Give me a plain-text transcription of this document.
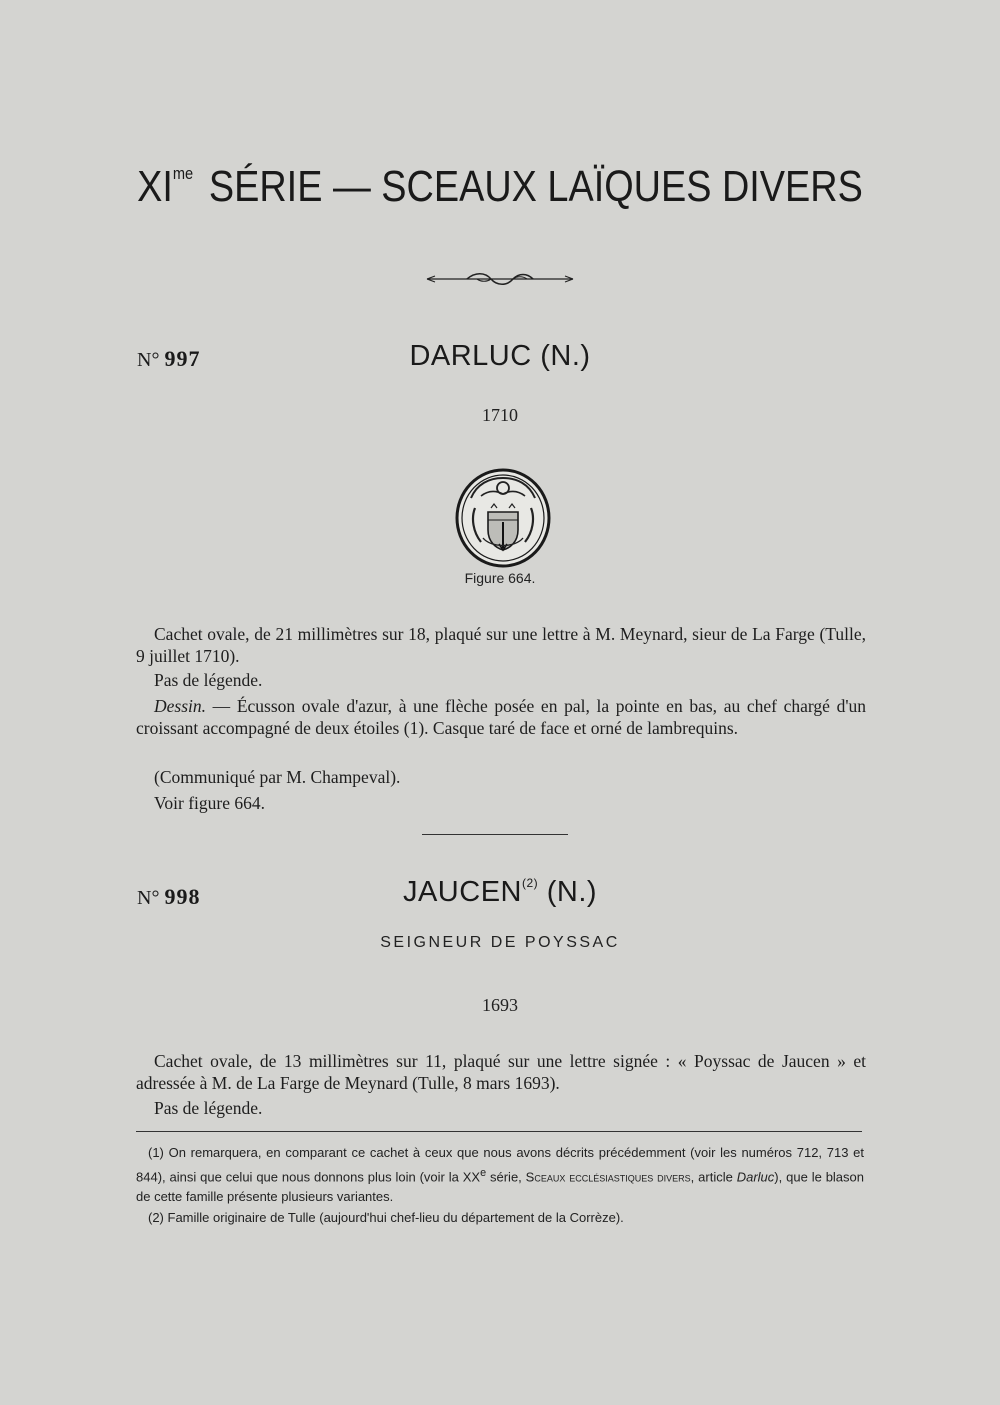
$XI^{me}$ SÉRIE — SCEAUX LAÏQUES DIVERS
N° 997	DARLUC (N.)
1710
Figure 664.

Cachet ovale, de 21 millimètres sur 18, plaqué sur une lettre à M. Meynard, sieur de La Farge (Tulle, 9 juillet 1710).

Pas de légende.

Dessin. — Écusson ovale d'azur, à une flèche posée en pal, la pointe en bas, au chef chargé d'un croissant accompagné de deux étoiles (1). Casque taré de face et orné de lambrequins.

(Communiqué par M. Champeval).

Voir figure 664.

N° 998	JAUCEN$^{(2)}$ (N.)
SEIGNEUR DE POYSSAC
1693

Cachet ovale, de 13 millimètres sur 11, plaqué sur une lettre signée : « Poyssac de Jaucen » et adressée à M. de La Farge de Meynard (Tulle, 8 mars 1693).

Pas de légende.

(1) On remarquera, en comparant ce cachet à ceux que nous avons décrits précédemment (voir les numéros 712, 713 et 844), ainsi que celui que nous donnons plus loin (voir la XXe série, Sceaux ecclésiastiques divers, article Darluc), que le blason de cette famille présente plusieurs variantes.

(2) Famille originaire de Tulle (aujourd'hui chef-lieu du département de la Corrèze).
